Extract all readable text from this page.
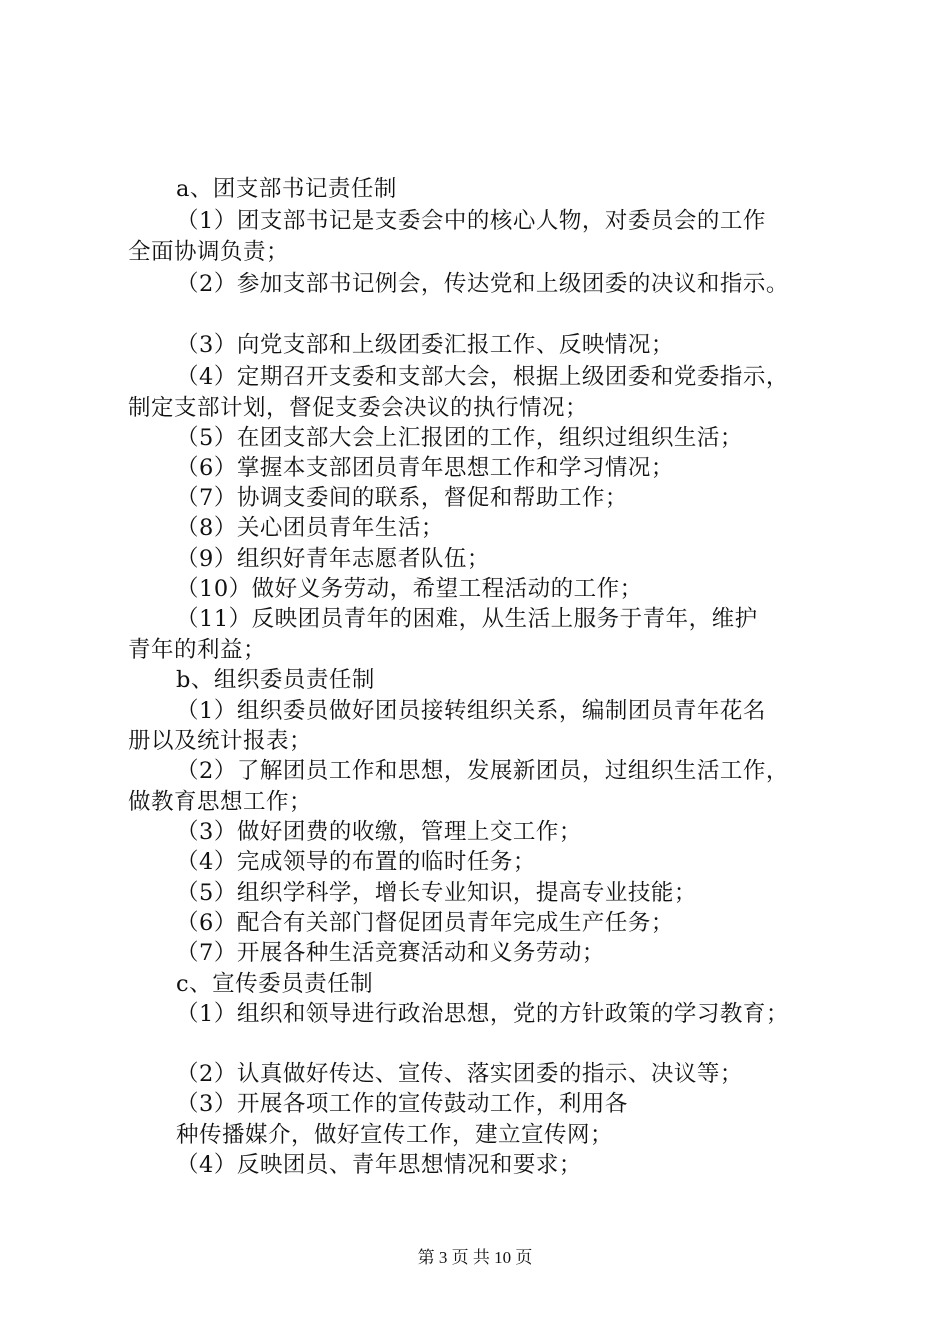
a、团支部书记责任制
（1）团支部书记是支委会中的核心人物，对委员会的工作
全面协调负责；
（2）参加支部书记例会，传达党和上级团委的决议和指示。
（3）向党支部和上级团委汇报工作、反映情况；
（4）定期召开支委和支部大会，根据上级团委和党委指示，
制定支部计划，督促支委会决议的执行情况；
（5）在团支部大会上汇报团的工作，组织过组织生活；
（6）掌握本支部团员青年思想工作和学习情况；
（7）协调支委间的联系，督促和帮助工作；
（8）关心团员青年生活；
（9）组织好青年志愿者队伍；
（10）做好义务劳动，希望工程活动的工作；
（11）反映团员青年的困难，从生活上服务于青年，维护
青年的利益；
b、组织委员责任制
（1）组织委员做好团员接转组织关系，编制团员青年花名
册以及统计报表；
（2）了解团员工作和思想，发展新团员，过组织生活工作，
做教育思想工作；
（3）做好团费的收缴，管理上交工作；
（4）完成领导的布置的临时任务；
（5）组织学科学，增长专业知识，提高专业技能；
（6）配合有关部门督促团员青年完成生产任务；
（7）开展各种生活竞赛活动和义务劳动；
c、宣传委员责任制
（1）组织和领导进行政治思想，党的方针政策的学习教育；
（2）认真做好传达、宣传、落实团委的指示、决议等；
（3）开展各项工作的宣传鼓动工作，利用各
种传播媒介，做好宣传工作，建立宣传网；
（4）反映团员、青年思想情况和要求；
第 3 页 共 10 页
